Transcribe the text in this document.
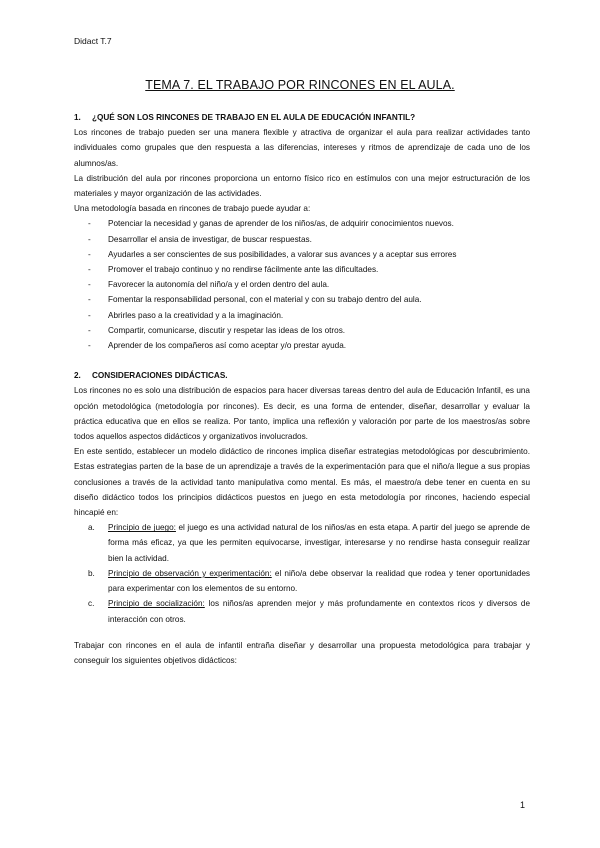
Didact T.7
TEMA 7. EL TRABAJO POR RINCONES EN EL AULA.
1. ¿QUÉ SON LOS RINCONES DE TRABAJO EN EL AULA DE EDUCACIÓN INFANTIL?

Los rincones de trabajo pueden ser una manera flexible y atractiva de organizar el aula para realizar actividades tanto individuales como grupales que den respuesta a las diferencias, intereses y ritmos de aprendizaje de cada uno de los alumnos/as.

La distribución del aula por rincones proporciona un entorno físico rico en estímulos con una mejor estructuración de los materiales y mayor organización de las actividades.

Una metodología basada en rincones de trabajo puede ayudar a:

- Potenciar la necesidad y ganas de aprender de los niños/as, de adquirir conocimientos nuevos.
- Desarrollar el ansia de investigar, de buscar respuestas.
- Ayudarles a ser conscientes de sus posibilidades, a valorar sus avances y a aceptar sus errores
- Promover el trabajo continuo y no rendirse fácilmente ante las dificultades.
- Favorecer la autonomía del niño/a y el orden dentro del aula.
- Fomentar la responsabilidad personal, con el material y con su trabajo dentro del aula.
- Abrirles paso a la creatividad y a la imaginación.
- Compartir, comunicarse, discutir y respetar las ideas de los otros.
- Aprender de los compañeros así como aceptar y/o prestar ayuda.
2. CONSIDERACIONES DIDÁCTICAS.

Los rincones no es solo una distribución de espacios para hacer diversas tareas dentro del aula de Educación Infantil, es una opción metodológica (metodología por rincones). Es decir, es una forma de entender, diseñar, desarrollar y evaluar la práctica educativa que en ellos se realiza. Por tanto, implica una reflexión y valoración por parte de los maestros/as sobre todos aquellos aspectos didácticos y organizativos involucrados.

En este sentido, establecer un modelo didáctico de rincones implica diseñar estrategias metodológicas por descubrimiento. Estas estrategias parten de la base de un aprendizaje a través de la experimentación para que el niño/a llegue a sus propias conclusiones a través de la actividad tanto manipulativa como mental. Es más, el maestro/a debe tener en cuenta en su diseño didáctico todos los principios didácticos puestos en juego en esta metodología por rincones, haciendo especial hincapié en:

a. Principio de juego: el juego es una actividad natural de los niños/as en esta etapa. A partir del juego se aprende de forma más eficaz, ya que les permiten equivocarse, investigar, interesarse y no rendirse hasta conseguir realizar bien la actividad.
b. Principio de observación y experimentación: el niño/a debe observar la realidad que rodea y tener oportunidades para experimentar con los elementos de su entorno.
c. Principio de socialización: los niños/as aprenden mejor y más profundamente en contextos ricos y diversos de interacción con otros.

Trabajar con rincones en el aula de infantil entraña diseñar y desarrollar una propuesta metodológica para trabajar y conseguir los siguientes objetivos didácticos:

1
